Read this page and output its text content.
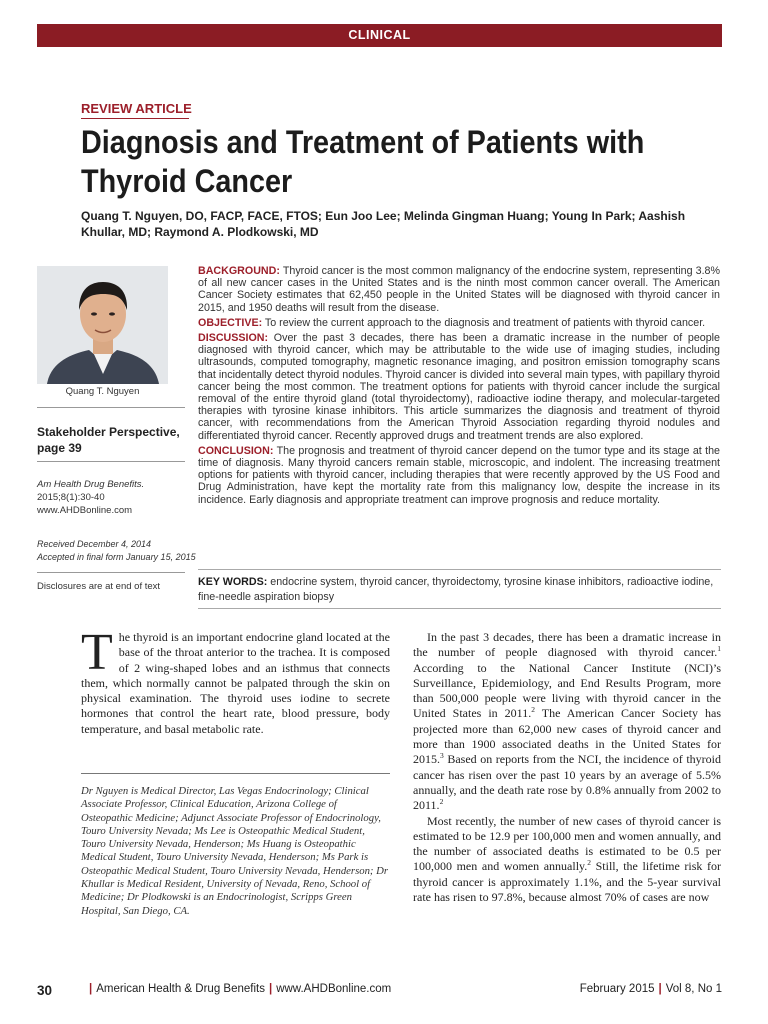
CLINICAL
REVIEW ARTICLE
Diagnosis and Treatment of Patients with Thyroid Cancer
Quang T. Nguyen, DO, FACP, FACE, FTOS; Eun Joo Lee; Melinda Gingman Huang; Young In Park; Aashish Khullar, MD; Raymond A. Plodkowski, MD
Quang T. Nguyen
Stakeholder Perspective, page 39
Am Health Drug Benefits.
2015;8(1):30-40
www.AHDBonline.com
Received December 4, 2014
Accepted in final form January 15, 2015
Disclosures are at end of text

BACKGROUND: Thyroid cancer is the most common malignancy of the endocrine system, representing 3.8% of all new cancer cases in the United States and is the ninth most common cancer overall. The American Cancer Society estimates that 62,450 people in the United States will be diagnosed with thyroid cancer in 2015, and 1950 deaths will result from the disease.

OBJECTIVE: To review the current approach to the diagnosis and treatment of patients with thyroid cancer.

DISCUSSION: Over the past 3 decades, there has been a dramatic increase in the number of people diagnosed with thyroid cancer, which may be attributable to the wide use of imaging studies, including ultrasounds, computed tomography, magnetic resonance imaging, and positron emission tomography scans that incidentally detect thyroid nodules. Thyroid cancer is divided into several main types, with papillary thyroid cancer being the most common. The treatment options for patients with thyroid cancer include the surgical removal of the entire thyroid gland (total thyroidectomy), radioactive iodine therapy, and molecular-targeted therapies with tyrosine kinase inhibitors. This article summarizes the diagnosis and treatment of thyroid cancer, with recommendations from the American Thyroid Association regarding thyroid nodules and differentiated thyroid cancer. Recently approved drugs and treatment trends are also explored.

CONCLUSION: The prognosis and treatment of thyroid cancer depend on the tumor type and its stage at the time of diagnosis. Many thyroid cancers remain stable, microscopic, and indolent. The increasing treatment options for patients with thyroid cancer, including therapies that were recently approved by the US Food and Drug Administration, have kept the mortality rate from this malignancy low, despite the increase in its incidence. Early diagnosis and appropriate treatment can improve prognosis and reduce mortality.

KEY WORDS: endocrine system, thyroid cancer, thyroidectomy, tyrosine kinase inhibitors, radioactive iodine, fine-needle aspiration biopsy
The thyroid is an important endocrine gland located at the base of the throat anterior to the trachea. It is composed of 2 wing-shaped lobes and an isthmus that connects them, which normally cannot be palpated through the skin on physical examination. The thyroid uses iodine to secrete hormones that control the heart rate, blood pressure, body temperature, and basal metabolic rate.
Dr Nguyen is Medical Director, Las Vegas Endocrinology; Clinical Associate Professor, Clinical Education, Arizona College of Osteopathic Medicine; Adjunct Associate Professor of Endocrinology, Touro University Nevada; Ms Lee is Osteopathic Medical Student, Touro University Nevada, Henderson; Ms Huang is Osteopathic Medical Student, Touro University Nevada, Henderson; Ms Park is Osteopathic Medical Student, Touro University Nevada, Henderson; Dr Khullar is Medical Resident, University of Nevada, Reno, School of Medicine; Dr Plodkowski is an Endocrinologist, Scripps Green Hospital, San Diego, CA.

In the past 3 decades, there has been a dramatic increase in the number of people diagnosed with thyroid cancer.$^1$ According to the National Cancer Institute (NCI)’s Surveillance, Epidemiology, and End Results Program, more than 500,000 people were living with thyroid cancer in the United States in 2011.$^2$ The American Cancer Society has projected more than 62,000 new cases of thyroid cancer and more than 1900 associated deaths in the United States for 2015.$^3$ Based on reports from the NCI, the incidence of thyroid cancer has risen over the past 10 years by an average of 5.5% annually, and the death rate rose by 0.8% annually from 2002 to 2011.$^2$

Most recently, the number of new cases of thyroid cancer is estimated to be 12.9 per 100,000 men and women annually, and the number of associated deaths is estimated to be 0.5 per 100,000 men and women annually.$^2$ Still, the lifetime risk for thyroid cancer is approximately 1.1%, and the 5-year survival rate has risen to 97.8%, because almost 70% of cases are now

30	| American Health & Drug Benefits | www.AHDBonline.com	February 2015 | Vol 8, No 1
